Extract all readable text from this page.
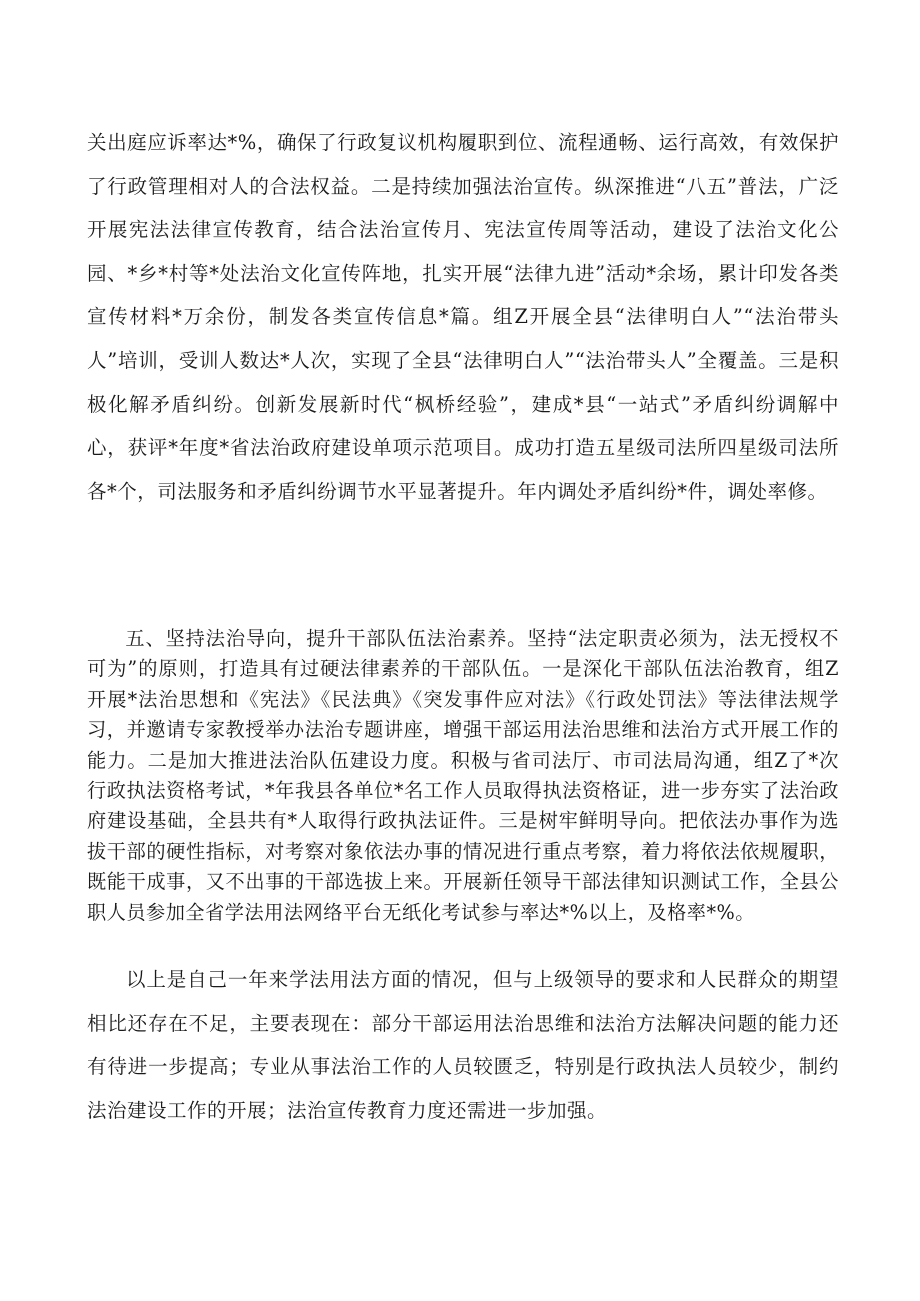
关出庭应诉率达*%，确保了行政复议机构履职到位、流程通畅、运行高效，有效保护了行政管理相对人的合法权益。二是持续加强法治宣传。纵深推进“八五”普法，广泛开展宪法法律宣传教育，结合法治宣传月、宪法宣传周等活动，建设了法治文化公园、*乡*村等*处法治文化宣传阵地，扎实开展“法律九进”活动*余场，累计印发各类宣传材料*万余份，制发各类宣传信息*篇。组Z开展全县“法律明白人”“法治带头人”培训，受训人数达*人次，实现了全县“法律明白人”“法治带头人”全覆盖。三是积极化解矛盾纠纷。创新发展新时代“枫桥经验”，建成*县“一站式”矛盾纠纷调解中心，获评*年度*省法治政府建设单项示范项目。成功打造五星级司法所四星级司法所各*个，司法服务和矛盾纠纷调节水平显著提升。年内调处矛盾纠纷*件，调处率修。

五、坚持法治导向，提升干部队伍法治素养。坚持“法定职责必须为，法无授权不可为”的原则，打造具有过硬法律素养的干部队伍。一是深化干部队伍法治教育，组Z开展*法治思想和《宪法》《民法典》《突发事件应对法》《行政处罚法》等法律法规学习，并邀请专家教授举办法治专题讲座，增强干部运用法治思维和法治方式开展工作的能力。二是加大推进法治队伍建设力度。积极与省司法厅、市司法局沟通，组Z了*次行政执法资格考试，*年我县各单位*名工作人员取得执法资格证，进一步夯实了法治政府建设基础，全县共有*人取得行政执法证件。三是树牢鲜明导向。把依法办事作为选拔干部的硬性指标，对考察对象依法办事的情况进行重点考察，着力将依法依规履职，既能干成事，又不出事的干部选拔上来。开展新任领导干部法律知识测试工作，全县公职人员参加全省学法用法网络平台无纸化考试参与率达*%以上，及格率*%。

以上是自己一年来学法用法方面的情况，但与上级领导的要求和人民群众的期望相比还存在不足，主要表现在：部分干部运用法治思维和法治方法解决问题的能力还有待进一步提高；专业从事法治工作的人员较匮乏，特别是行政执法人员较少，制约法治建设工作的开展；法治宣传教育力度还需进一步加强。
